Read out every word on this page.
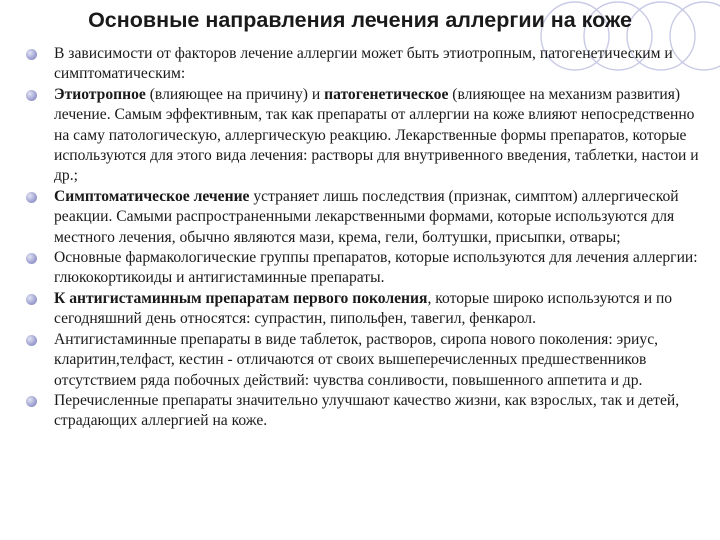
Основные направления лечения аллергии на коже
В зависимости от факторов лечение аллергии может быть этиотропным, патогенетическим и симптоматическим:
Этиотропное (влияющее на причину) и патогенетическое (влияющее на механизм развития) лечение. Самым эффективным, так как препараты от аллергии на коже влияют непосредственно на саму патологическую, аллергическую реакцию. Лекарственные формы препаратов, которые используются для этого вида лечения: растворы для внутривенного введения, таблетки, настои и др.;
Симптоматическое лечение устраняет лишь последствия (признак, симптом) аллергической реакции. Самыми распространенными лекарственными формами, которые используются для местного лечения, обычно являются мази, крема, гели, болтушки, присыпки, отвары;
Основные фармакологические группы препаратов, которые используются для лечения аллергии: глюкокортикоиды и антигистаминные препараты.
К антигистаминным препаратам первого поколения, которые широко используются и по сегодняшний день относятся: супрастин, пипольфен, тавегил, фенкарол.
Антигистаминные препараты в виде таблеток, растворов, сиропа нового поколения: эриус, кларитин,телфаст, кестин - отличаются от своих вышеперечисленных предшественников отсутствием ряда побочных действий: чувства сонливости, повышенного аппетита и др.
Перечисленные препараты значительно улучшают качество жизни, как взрослых, так и детей, страдающих аллергией на коже.
